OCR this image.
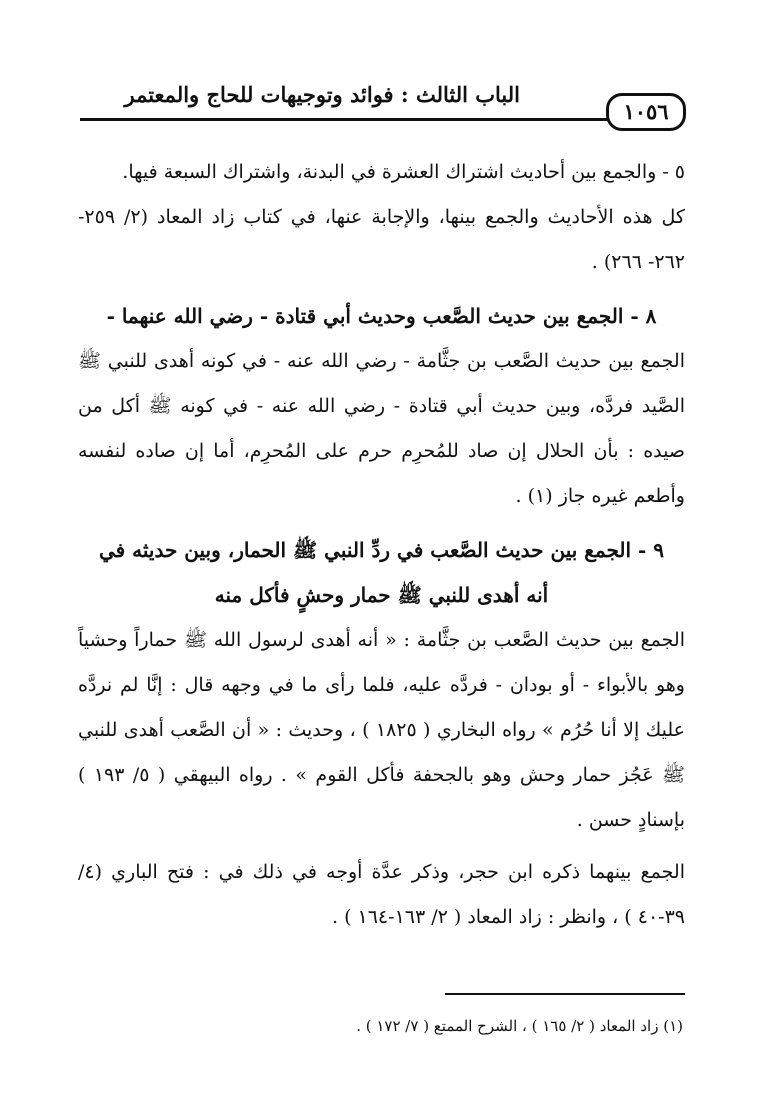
الباب الثالث : فوائد وتوجيهات للحاج والمعتمر
١٠٥٦

٥ - والجمع بين أحاديث اشتراك العشرة في البدنة، واشتراك السبعة فيها.

كل هذه الأحاديث والجمع بينها، والإجابة عنها، في كتاب زاد المعاد (٢/ ٢٥٩- ٢٦٢- ٢٦٦) .

٨ - الجمع بين حديث الصَّعب وحديث أبي قتادة - رضي الله عنهما -

الجمع بين حديث الصَّعب بن جثَّامة - رضي الله عنه - في كونه أهدى للنبي ﷺ الصَّيد فردَّه، وبين حديث أبي قتادة - رضي الله عنه - في كونه ﷺ أكل من صيده : بأن الحلال إن صاد للمُحرِم حرم على المُحرِم، أما إن صاده لنفسه وأطعم غيره جاز (١) .

٩ - الجمع بين حديث الصَّعب في ردِّ النبي ﷺ الحمار، وبين حديثه في

أنه أهدى للنبي ﷺ حمار وحشٍ فأكل منه

الجمع بين حديث الصَّعب بن جثَّامة : « أنه أهدى لرسول الله ﷺ حماراً وحشياً وهو بالأبواء - أو بودان - فردَّه عليه، فلما رأى ما في وجهه قال : إنَّا لم نردَّه عليك إلا أنا حُرُم » رواه البخاري ( ١٨٢٥ ) ، وحديث : « أن الصَّعب أهدى للنبي ﷺ عَجُز حمار وحش وهو بالجحفة فأكل القوم » . رواه البيهقي ( ٥/ ١٩٣ ) بإسنادٍ حسن .

الجمع بينهما ذكره ابن حجر، وذكر عدَّة أوجه في ذلك في : فتح الباري (٤/ ٣٩-٤٠ ) ، وانظر : زاد المعاد ( ٢/ ١٦٣-١٦٤ ) .

(١) زاد المعاد ( ٢/ ١٦٥ ) ، الشرح الممتع ( ٧/ ١٧٢ ) .
